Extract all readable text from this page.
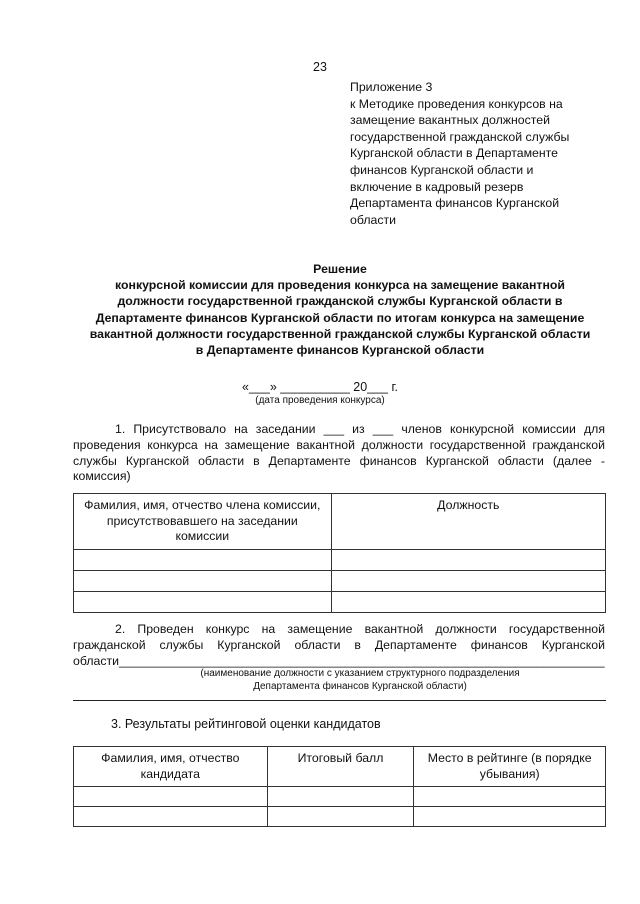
23
Приложение 3
к Методике проведения конкурсов на
замещение вакантных должностей
государственной гражданской службы
Курганской области в Департаменте
финансов Курганской области и
включение в кадровый резерв
Департамента финансов Курганской
области
Решение
конкурсной комиссии для проведения конкурса на замещение вакантной
должности государственной гражданской службы Курганской области в
Департаменте финансов Курганской области по итогам конкурса на замещение
вакантной должности государственной гражданской службы Курганской области
в Департаменте финансов Курганской области
«___» __________ 20___ г.
(дата проведения конкурса)
1. Присутствовало на заседании ___ из ___ членов конкурсной комиссии для проведения конкурса на замещение вакантной должности государственной гражданской службы Курганской области в Департаменте финансов Курганской области (далее - комиссия)
Фамилия, имя, отчество члена комиссии, присутствовавшего на заседании комиссии	Должность

2. Проведен конкурс на замещение вакантной должности государственной гражданской службы Курганской области в Департаменте финансов Курганской области_______________________________________________________________________
(наименование должности с указанием структурного подразделения
Департамента финансов Курганской области)
3. Результаты рейтинговой оценки кандидатов
Фамилия, имя, отчество кандидата	Итоговый балл	Место в рейтинге (в порядке убывания)
